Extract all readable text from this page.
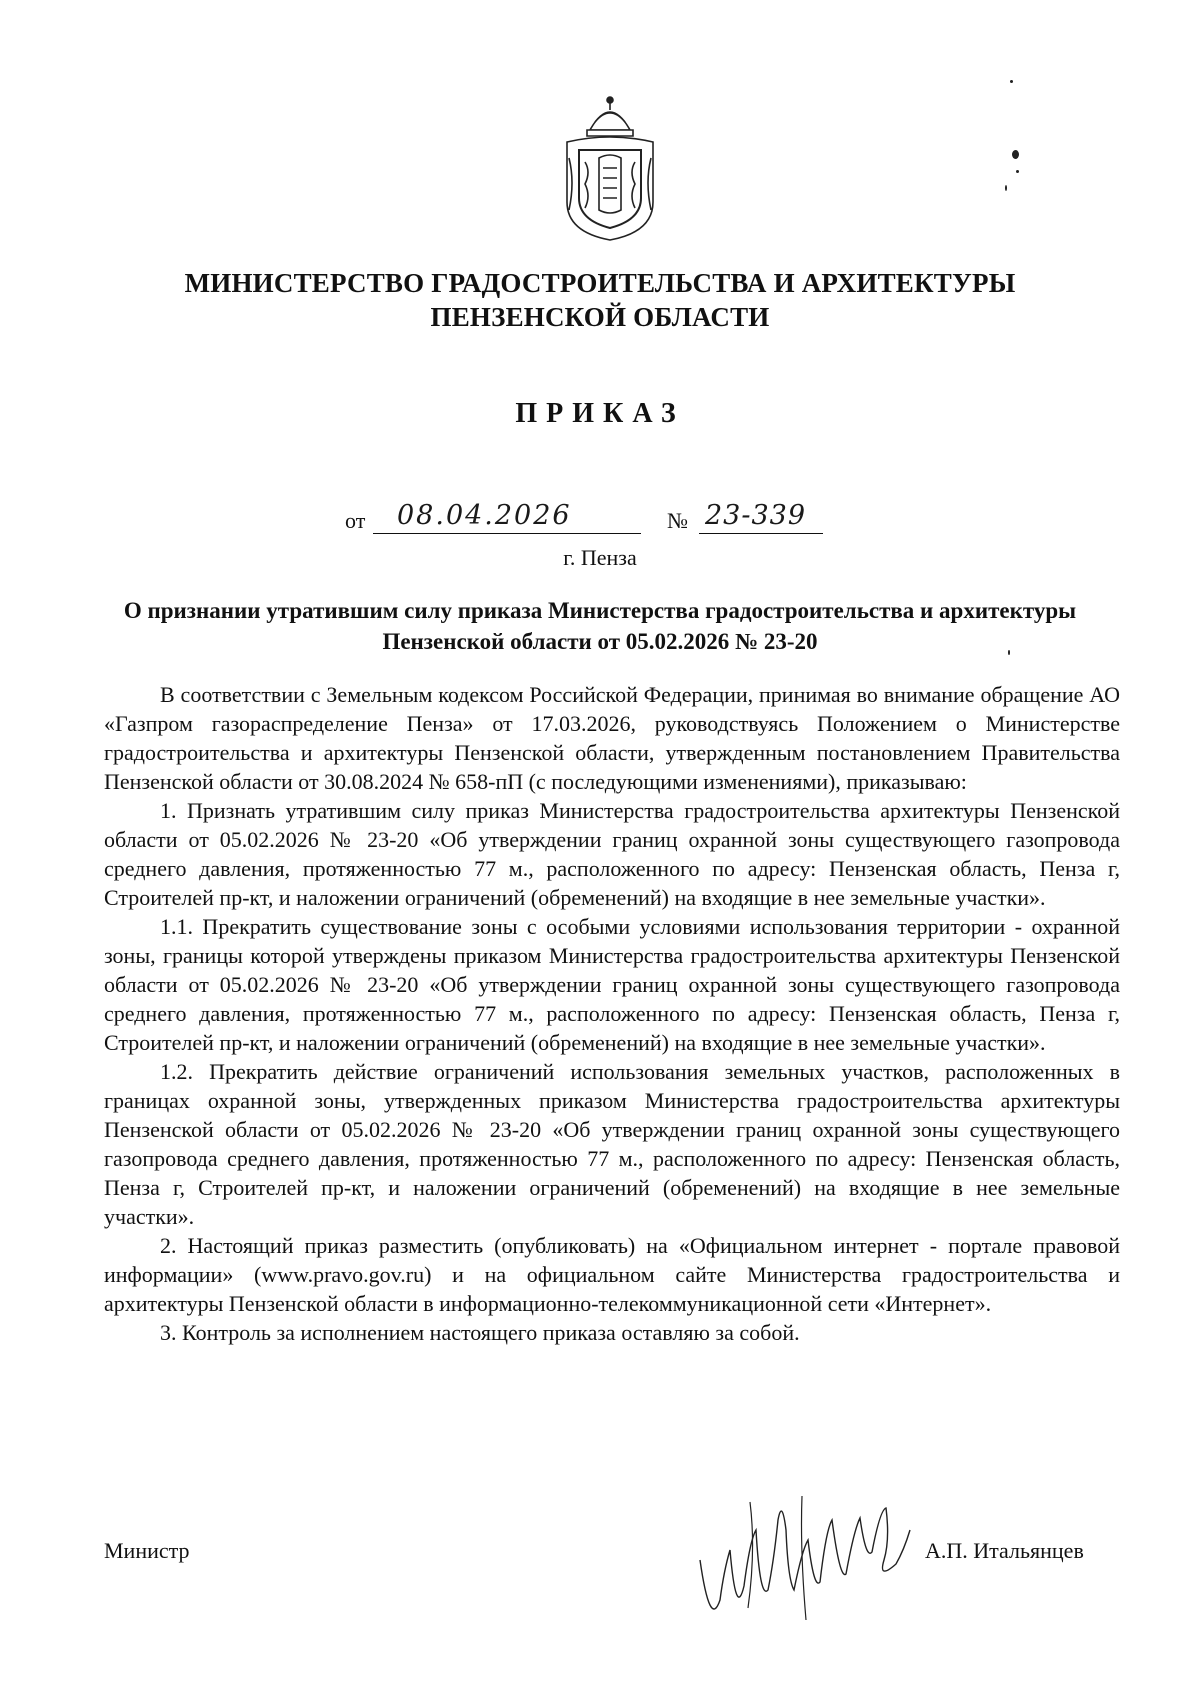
МИНИСТЕРСТВО ГРАДОСТРОИТЕЛЬСТВА И АРХИТЕКТУРЫ
ПЕНЗЕНСКОЙ ОБЛАСТИ
ПРИКАЗ
от 08.04.2026	№ 23-339
г. Пенза
О признании утратившим силу приказа Министерства градостроительства и архитектуры Пензенской области от 05.02.2026 № 23-20

В соответствии с Земельным кодексом Российской Федерации, принимая во внимание обращение АО «Газпром газораспределение Пенза» от 17.03.2026, руководствуясь Положением о Министерстве градостроительства и архитектуры Пензенской области, утвержденным постановлением Правительства Пензенской области от 30.08.2024 № 658-пП (с последующими изменениями), приказываю:

1. Признать утратившим силу приказ Министерства градостроительства архитектуры Пензенской области от 05.02.2026 № 23-20 «Об утверждении границ охранной зоны существующего газопровода среднего давления, протяженностью 77 м., расположенного по адресу: Пензенская область, Пенза г, Строителей пр-кт, и наложении ограничений (обременений) на входящие в нее земельные участки».

1.1. Прекратить существование зоны с особыми условиями использования территории - охранной зоны, границы которой утверждены приказом Министерства градостроительства архитектуры Пензенской области от 05.02.2026 № 23-20 «Об утверждении границ охранной зоны существующего газопровода среднего давления, протяженностью 77 м., расположенного по адресу: Пензенская область, Пенза г, Строителей пр-кт, и наложении ограничений (обременений) на входящие в нее земельные участки».

1.2. Прекратить действие ограничений использования земельных участков, расположенных в границах охранной зоны, утвержденных приказом Министерства градостроительства архитектуры Пензенской области от 05.02.2026 № 23-20 «Об утверждении границ охранной зоны существующего газопровода среднего давления, протяженностью 77 м., расположенного по адресу: Пензенская область, Пенза г, Строителей пр-кт, и наложении ограничений (обременений) на входящие в нее земельные участки».

2. Настоящий приказ разместить (опубликовать) на «Официальном интернет - портале правовой информации» (www.pravo.gov.ru) и на официальном сайте Министерства градостроительства и архитектуры Пензенской области в информационно-телекоммуникационной сети «Интернет».

3. Контроль за исполнением настоящего приказа оставляю за собой.

Министр	А.П. Итальянцев
